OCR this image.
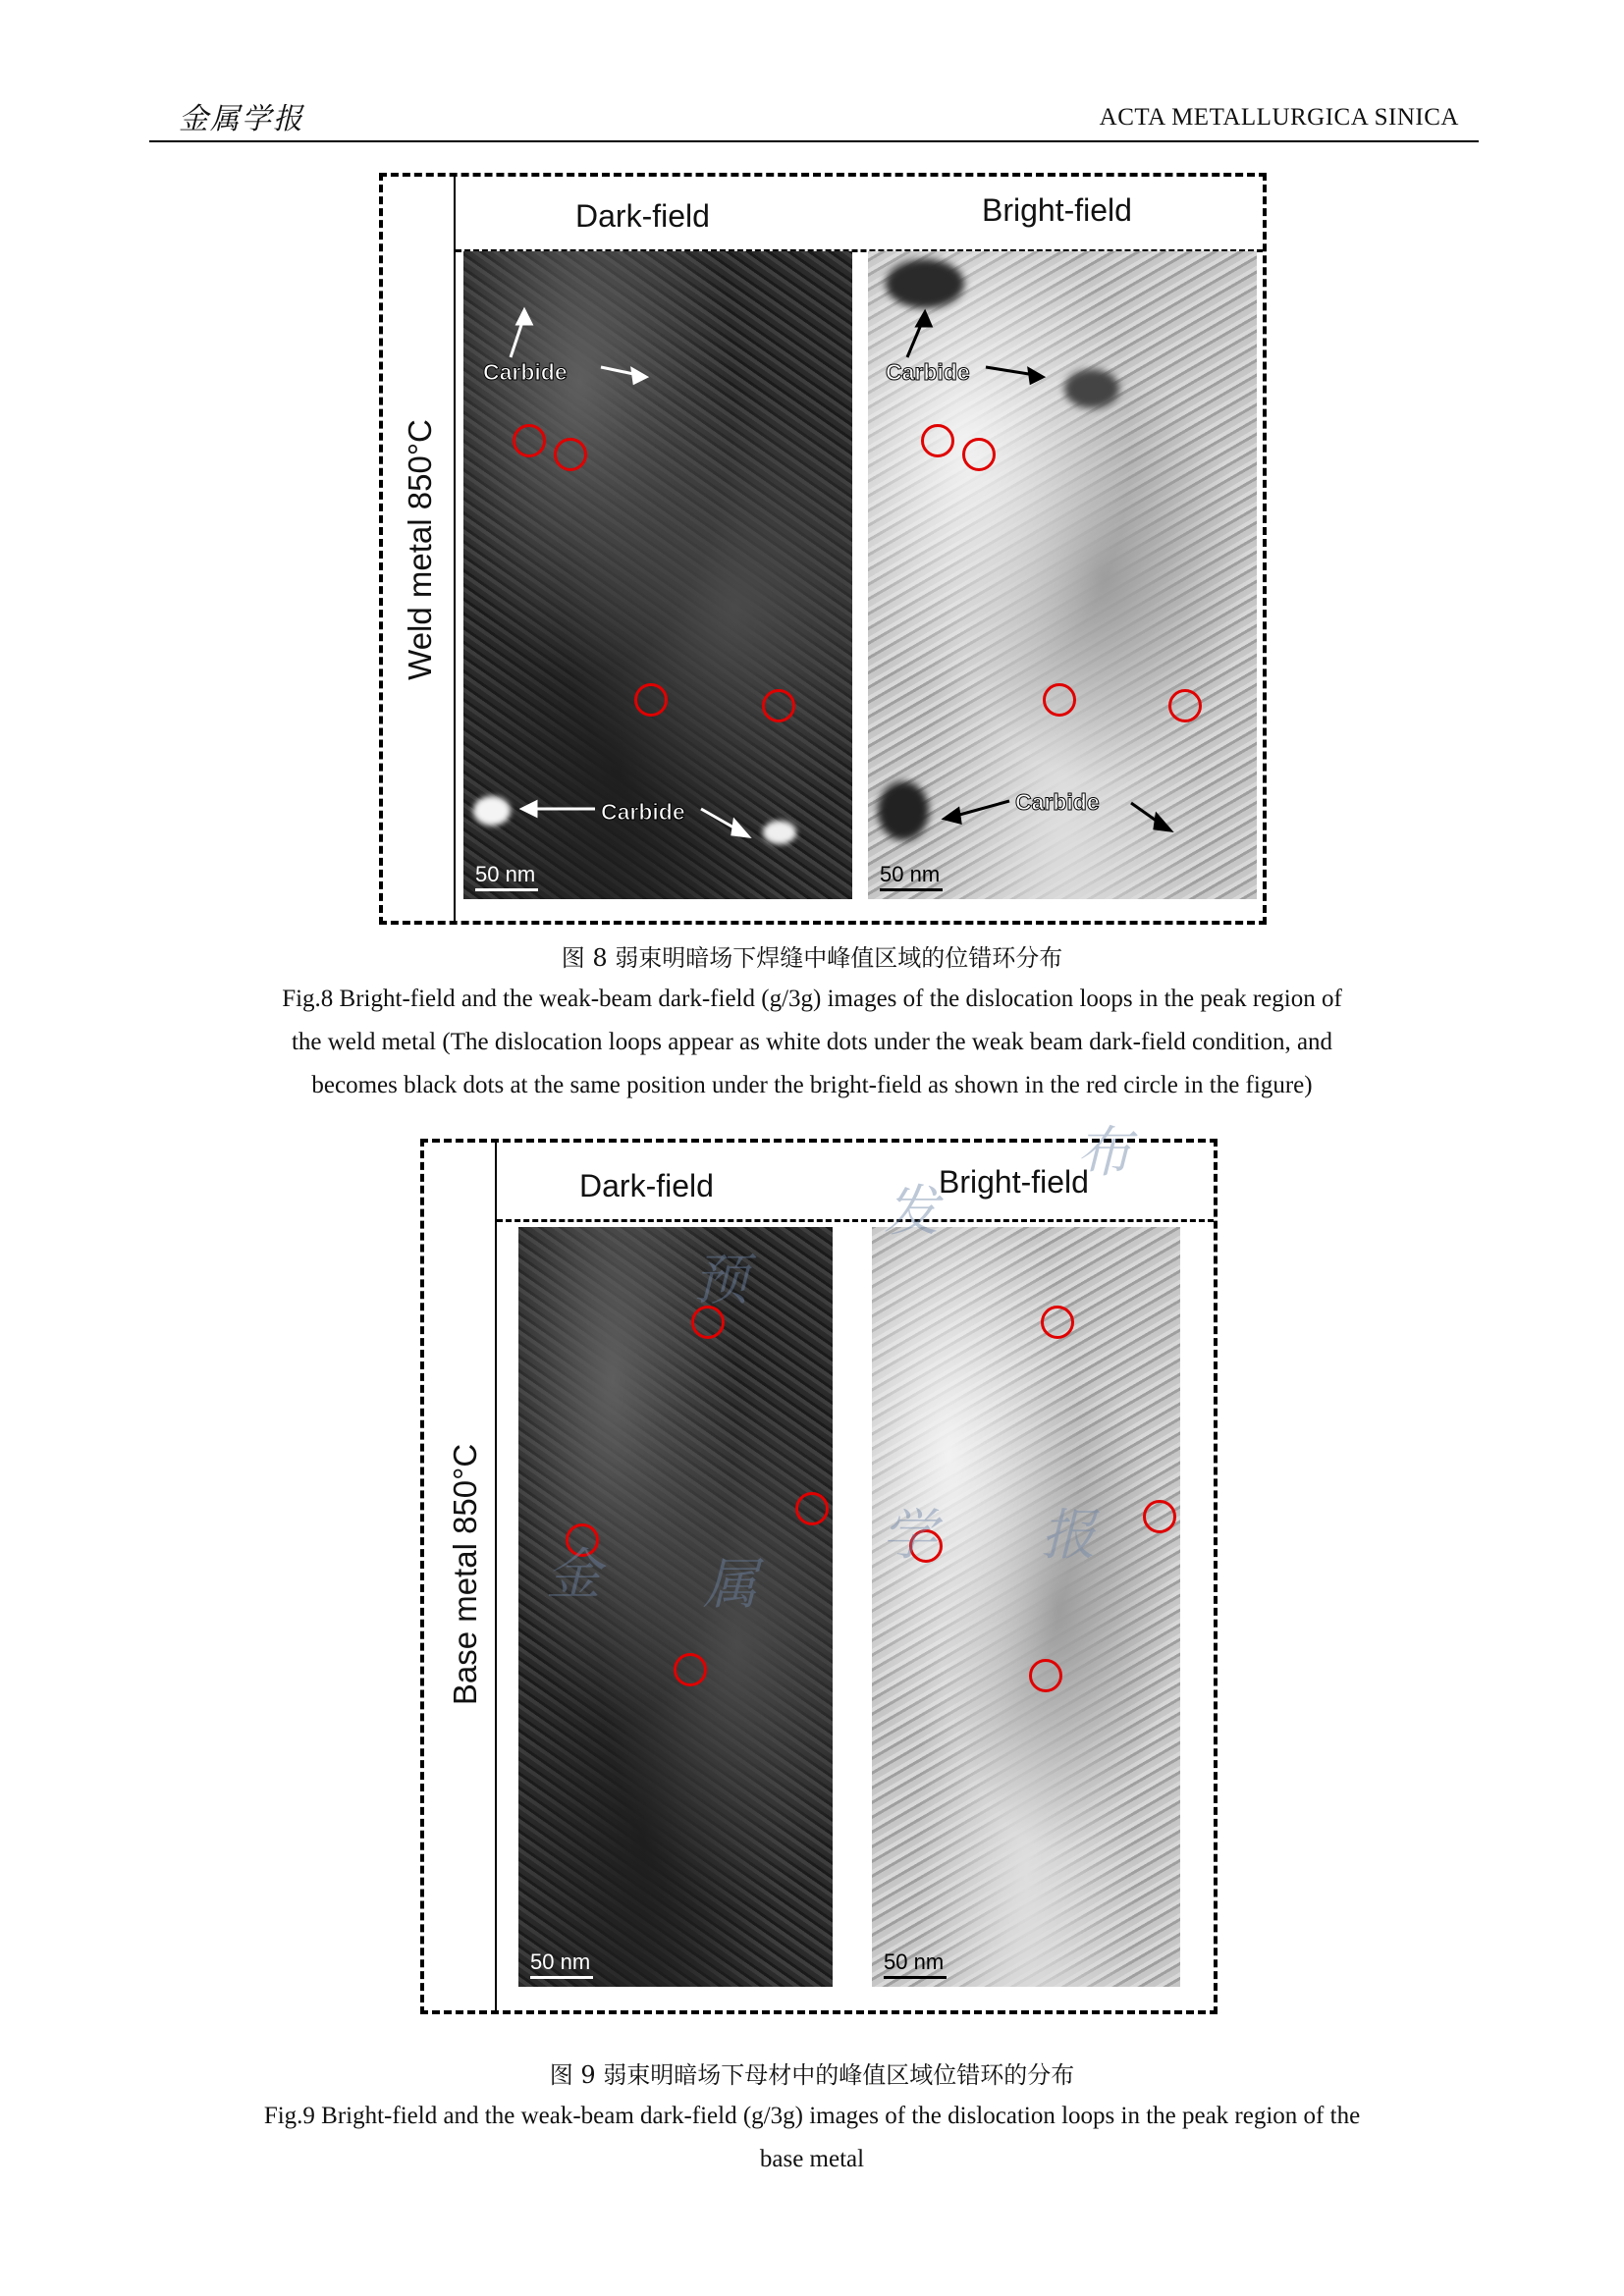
金属学报	ACTA METALLURGICA SINICA
Weld metal 850°C
Dark-field	Bright-field
Carbide
Carbide
50 nm
Carbide
Carbide
50 nm
图 8 弱束明暗场下焊缝中峰值区域的位错环分布
Fig.8 Bright-field and the weak-beam dark-field (g/3g) images of the dislocation loops in the peak region of
the weld metal (The dislocation loops appear as white dots under the weak beam dark-field condition, and
becomes black dots at the same position under the bright-field as shown in the red circle in the figure)
Base metal 850°C
Dark-field	Bright-field
50 nm	50 nm
图 9 弱束明暗场下母材中的峰值区域位错环的分布
Fig.9 Bright-field and the weak-beam dark-field (g/3g) images of the dislocation loops in the peak region of the
base metal
金 属
学 报
预
发
布
